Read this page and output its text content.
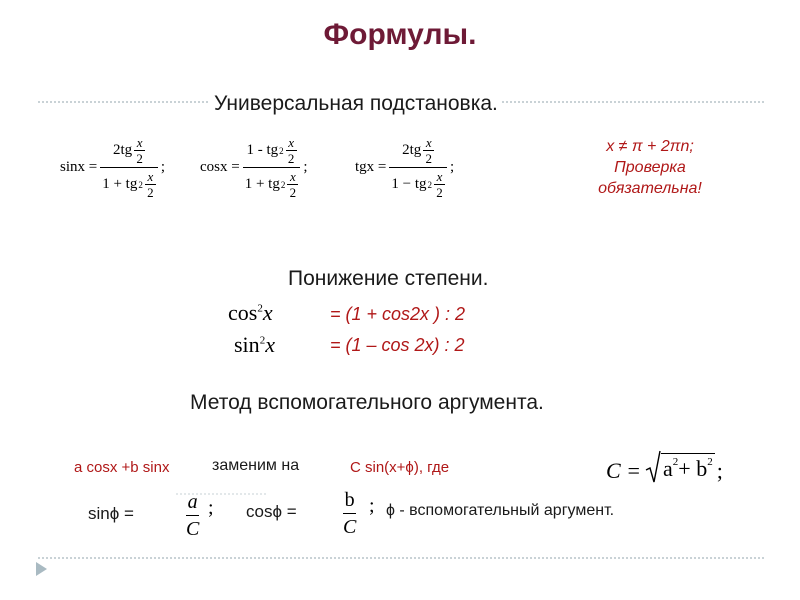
Формулы.
Универсальная подстановка.
sinx = 2tg x
2
1 + tg 2
x
2 ; cosx = 1 - tg 2
x
2
1 + tg 2
x
2 ;	tgx = 2tg x
2
1 − tg 2
x
2 ;
x ≠ π + 2πn;
Проверка
обязательна!
Понижение степени.
$\cos^2x$	= (1 + cos2x ) : 2
$\sin^2x$	= (1 – cos 2x) : 2
Метод вспомогательного аргумента.
a cosx +b sinx	заменим на	C sin(x+ϕ), где	C = a 2 + b 2 ;
sinϕ =
a
C
; cosϕ =
b
C
; ϕ - вспомогательный аргумент.
